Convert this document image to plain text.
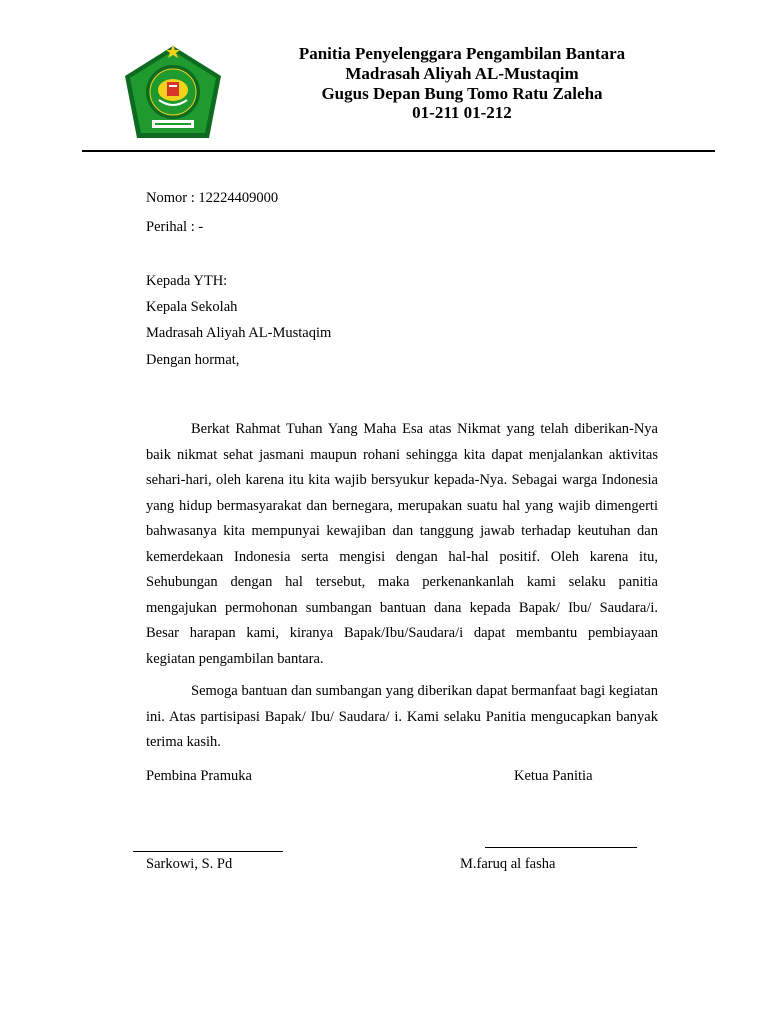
Panitia Penyelenggara Pengambilan Bantara
Madrasah Aliyah AL-Mustaqim
Gugus Depan Bung Tomo Ratu Zaleha
01-211 01-212
Nomor : 12224409000
Perihal : -
Kepada YTH:
Kepala Sekolah
Madrasah Aliyah AL-Mustaqim
Dengan hormat,
Berkat Rahmat Tuhan Yang Maha Esa atas Nikmat yang telah diberikan-Nya baik nikmat sehat jasmani maupun rohani sehingga kita dapat menjalankan aktivitas sehari-hari, oleh karena itu kita wajib bersyukur kepada-Nya. Sebagai warga Indonesia yang hidup bermasyarakat dan bernegara, merupakan suatu hal yang wajib dimengerti bahwasanya kita mempunyai kewajiban dan tanggung jawab terhadap keutuhan dan kemerdekaan Indonesia serta mengisi dengan hal-hal positif. Oleh karena itu, Sehubungan dengan hal tersebut, maka perkenankanlah kami selaku panitia mengajukan permohonan sumbangan bantuan dana kepada Bapak/ Ibu/ Saudara/i. Besar harapan kami, kiranya Bapak/Ibu/Saudara/i dapat membantu pembiayaan kegiatan pengambilan bantara.
Semoga bantuan dan sumbangan yang diberikan dapat bermanfaat bagi kegiatan ini. Atas partisipasi Bapak/ Ibu/ Saudara/ i. Kami selaku Panitia mengucapkan banyak terima kasih.
Pembina Pramuka	Ketua Panitia
Sarkowi, S. Pd	M.faruq al fasha
